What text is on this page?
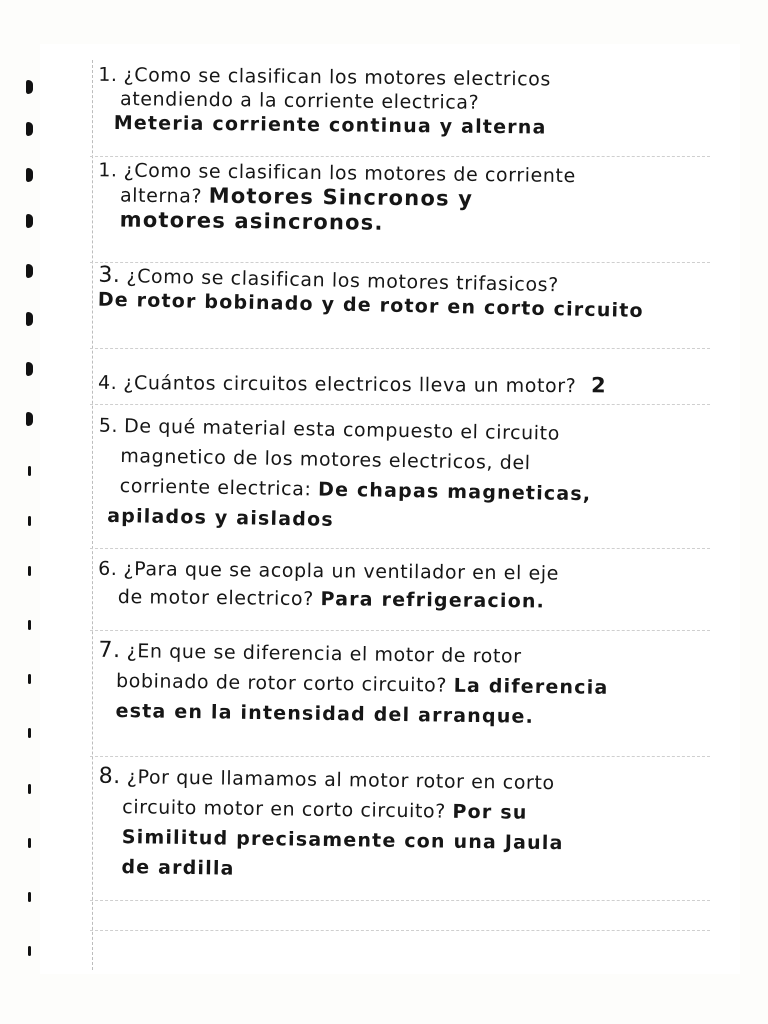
1. ¿Como se clasifican los motores electricos

atendiendo a la corriente electrica?

Meteria corriente continua y alterna

1. ¿Como se clasifican los motores de corriente

alterna? Motores Sincronos y

motores asincronos.

3. ¿Como se clasifican los motores trifasicos?

De rotor bobinado y de rotor en corto circuito

4. ¿Cuántos circuitos electricos lleva un motor? 2

5. De qué material esta compuesto el circuito

magnetico de los motores electricos, del

corriente electrica: De chapas magneticas,

apilados y aislados

6. ¿Para que se acopla un ventilador en el eje

de motor electrico? Para refrigeracion.

7. ¿En que se diferencia el motor de rotor

bobinado de rotor corto circuito? La diferencia

esta en la intensidad del arranque.

8. ¿Por que llamamos al motor rotor en corto

circuito motor en corto circuito? Por su

Similitud precisamente con una Jaula

de ardilla
